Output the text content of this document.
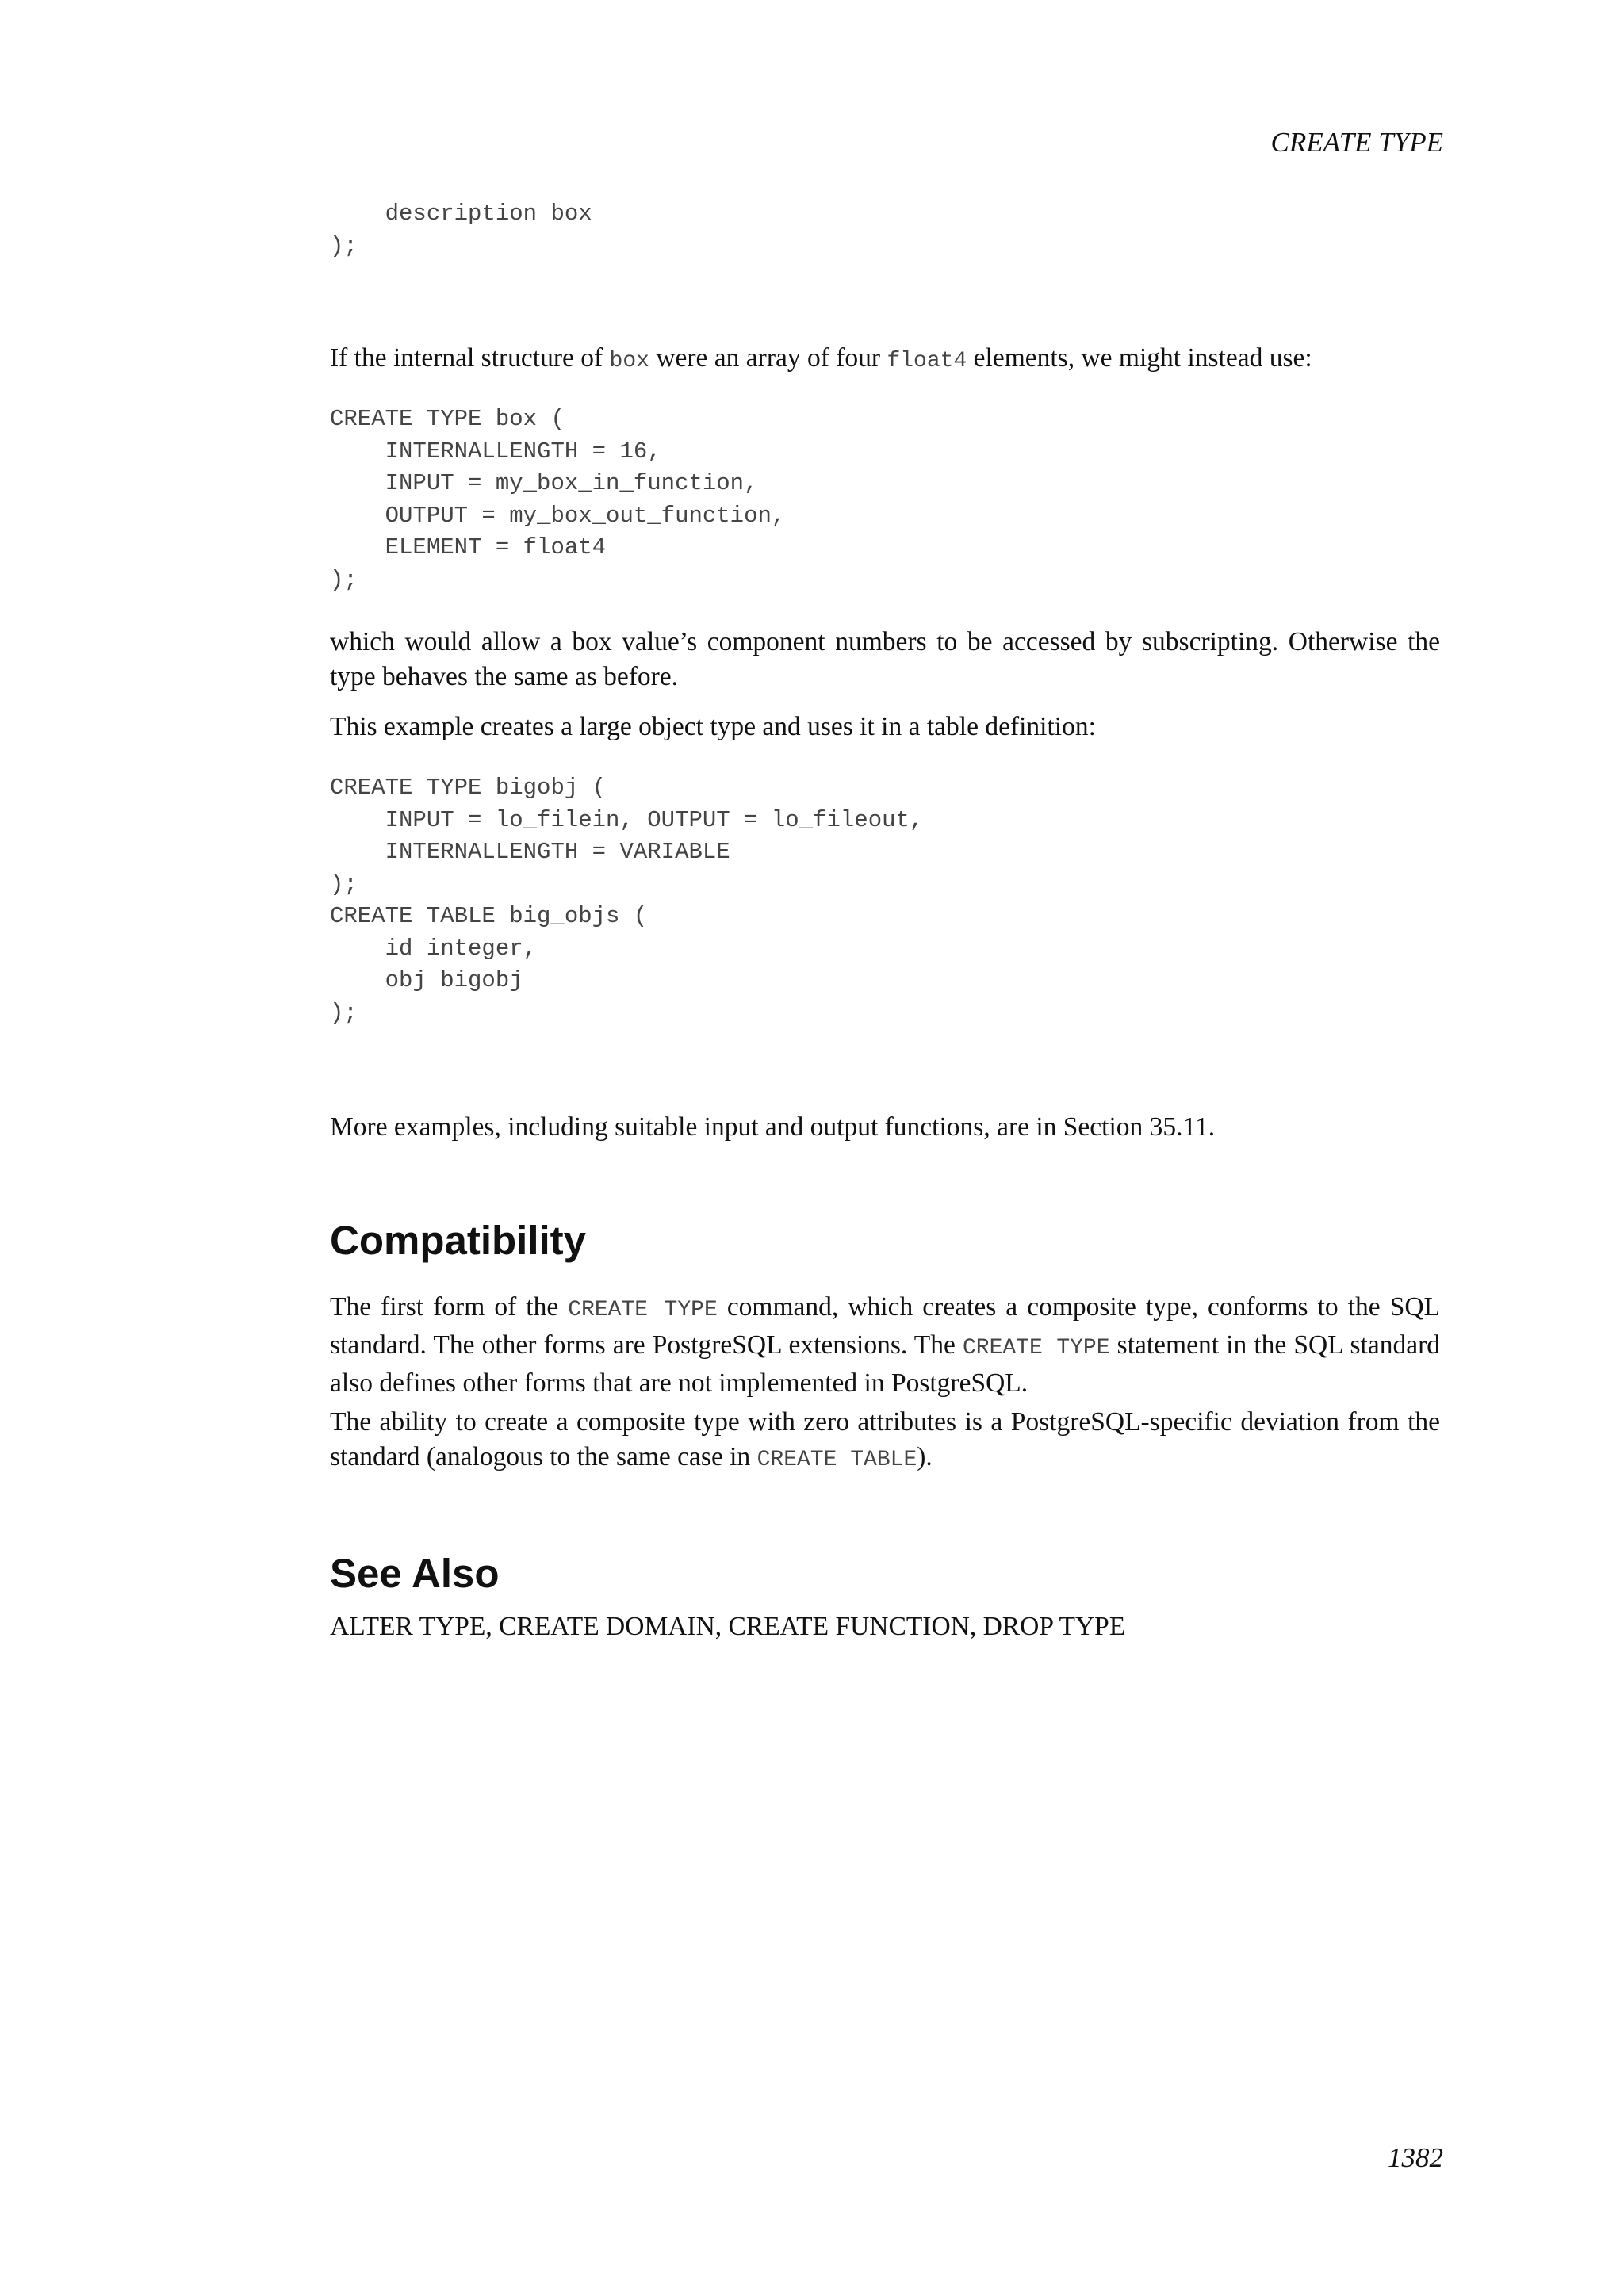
CREATE TYPE
description box
);

If the internal structure of box were an array of four float4 elements, we might instead use:

CREATE TYPE box (
INTERNALLENGTH = 16,
INPUT = my_box_in_function,
OUTPUT = my_box_out_function,
ELEMENT = float4
);

which would allow a box value’s component numbers to be accessed by subscripting. Otherwise the type behaves the same as before.

This example creates a large object type and uses it in a table definition:

CREATE TYPE bigobj (
INPUT = lo_filein, OUTPUT = lo_fileout,
INTERNALLENGTH = VARIABLE
);
CREATE TABLE big_objs (
id integer,
obj bigobj
);

More examples, including suitable input and output functions, are in Section 35.11.

Compatibility

The first form of the CREATE TYPE command, which creates a composite type, conforms to the SQL standard. The other forms are PostgreSQL extensions. The CREATE TYPE statement in the SQL standard also defines other forms that are not implemented in PostgreSQL.

The ability to create a composite type with zero attributes is a PostgreSQL-specific deviation from the standard (analogous to the same case in CREATE TABLE).

See Also

ALTER TYPE, CREATE DOMAIN, CREATE FUNCTION, DROP TYPE

1382
